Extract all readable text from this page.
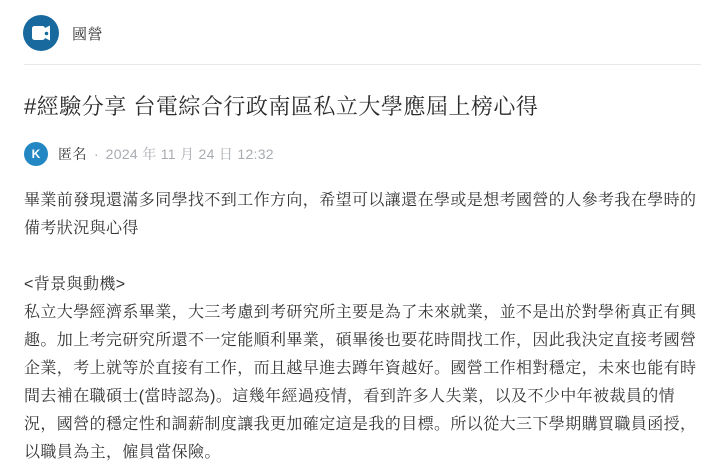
國營
#經驗分享 台電綜合行政南區私立大學應屆上榜心得
K	匿名 · 2024 年 11 月 24 日 12:32
畢業前發現還滿多同學找不到工作方向，希望可以讓還在學或是想考國營的人參考我在學時的備考狀況與心得
<背景與動機>
私立大學經濟系畢業，大三考慮到考研究所主要是為了未來就業，並不是出於對學術真正有興趣。加上考完研究所還不一定能順利畢業，碩畢後也要花時間找工作，因此我決定直接考國營企業，考上就等於直接有工作，而且越早進去蹲年資越好。國營工作相對穩定，未來也能有時間去補在職碩士(當時認為)。這幾年經過疫情，看到許多人失業，以及不少中年被裁員的情況，國營的穩定性和調薪制度讓我更加確定這是我的目標。所以從大三下學期購買職員函授，以職員為主，僱員當保險。
